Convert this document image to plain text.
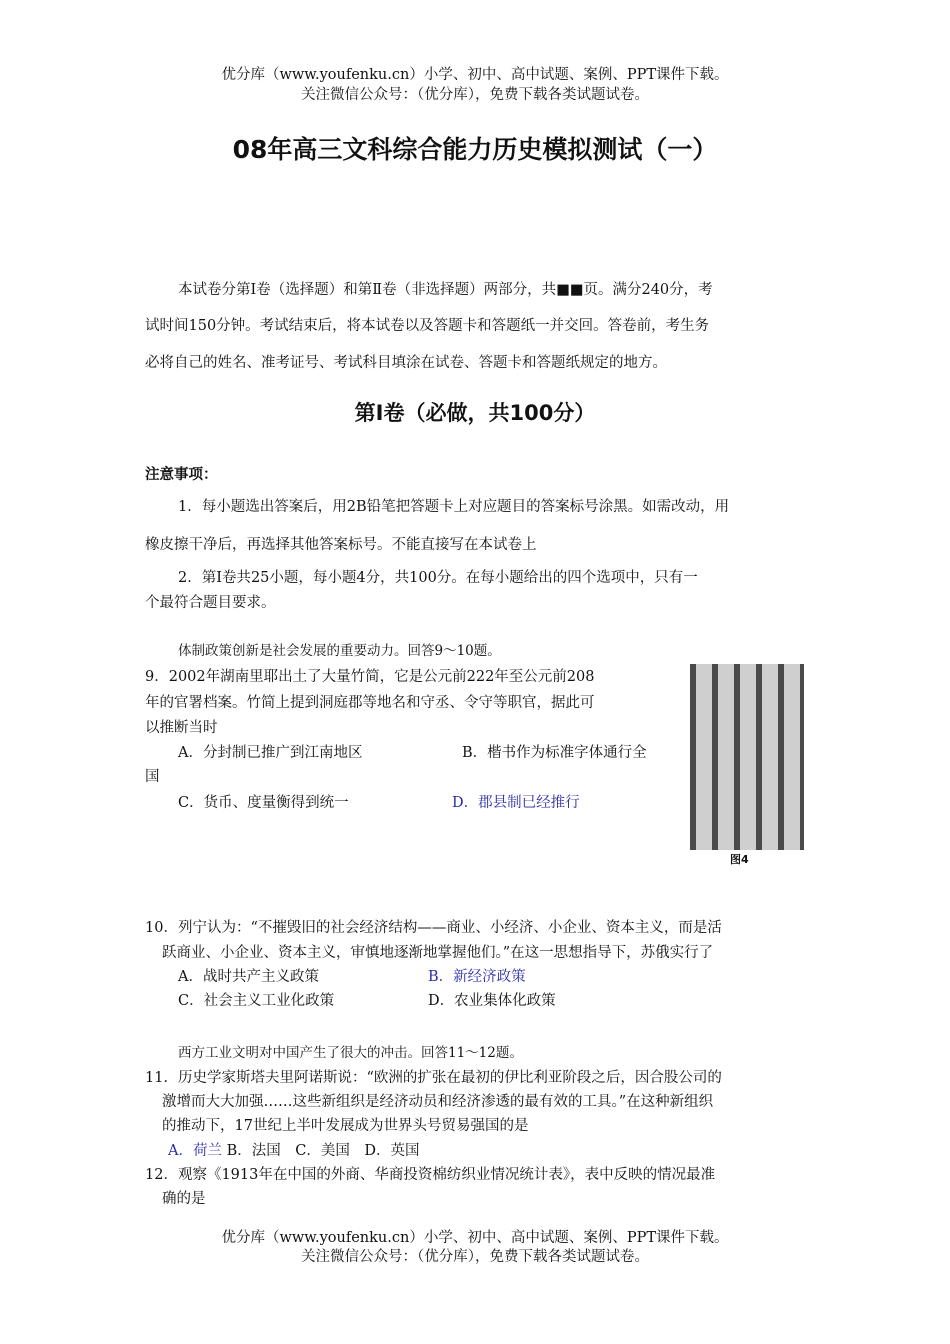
优分库（www.youfenku.cn）小学、初中、高中试题、案例、PPT课件下载。
关注微信公众号：（优分库），免费下载各类试题试卷。
08年高三文科综合能力历史模拟测试（一）
本试卷分第Ⅰ卷（选择题）和第Ⅱ卷（非选择题）两部分，共■■页。满分240分，考
试时间150分钟。考试结束后，将本试卷以及答题卡和答题纸一并交回。答卷前，考生务
必将自己的姓名、准考证号、考试科目填涂在试卷、答题卡和答题纸规定的地方。
第Ⅰ卷（必做，共100分）
注意事项：
1．每小题选出答案后，用2B铅笔把答题卡上对应题目的答案标号涂黑。如需改动，用
橡皮擦干净后，再选择其他答案标号。不能直接写在本试卷上
2．第Ⅰ卷共25小题，每小题4分，共100分。在每小题给出的四个选项中，只有一
个最符合题目要求。
体制政策创新是社会发展的重要动力。回答9～10题。
9．2002年湖南里耶出土了大量竹简，它是公元前222年至公元前208
年的官署档案。竹简上提到洞庭郡等地名和守丞、令守等职官，据此可
以推断当时
A．分封制已推广到江南地区	B．楷书作为标准字体通行全
国
C．货币、度量衡得到统一	D．郡县制已经推行
图4
10．列宁认为：“不摧毁旧的社会经济结构——商业、小经济、小企业、资本主义，而是活
跃商业、小企业、资本主义，审慎地逐渐地掌握他们。”在这一思想指导下，苏俄实行了
A．战时共产主义政策	B．新经济政策
C．社会主义工业化政策	D．农业集体化政策
西方工业文明对中国产生了很大的冲击。回答11～12题。
11．历史学家斯塔夫里阿诺斯说：“欧洲的扩张在最初的伊比利亚阶段之后，因合股公司的
激增而大大加强……这些新组织是经济动员和经济渗透的最有效的工具。”在这种新组织
的推动下，17世纪上半叶发展成为世界头号贸易强国的是
A．荷兰 B．法国　C．美国　D．英国
12．观察《1913年在中国的外商、华商投资棉纺织业情况统计表》，表中反映的情况最准
确的是
优分库（www.youfenku.cn）小学、初中、高中试题、案例、PPT课件下载。
关注微信公众号：（优分库），免费下载各类试题试卷。
